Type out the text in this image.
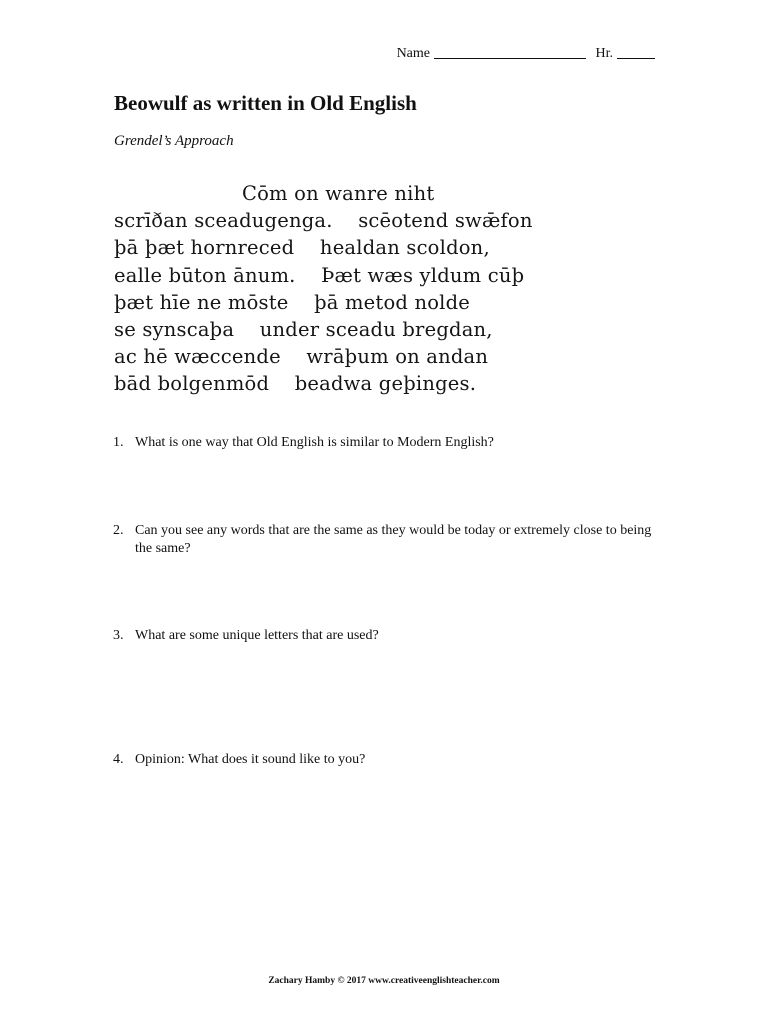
Name	Hr.
Beowulf as written in Old English

Grendel’s Approach

Cōm on wanre niht
scrīðan sceadugenga.    scēotend swǣfon
þā þæt hornreced    healdan scoldon,
ealle būton ānum.    Þæt wæs yldum cūþ
þæt hīe ne mōste    þā metod nolde
se synscaþa    under sceadu bregdan,
ac hē wæccende    wrāþum on andan
bād bolgenmōd    beadwa geþinges.
1. What is one way that Old English is similar to Modern English?
2. Can you see any words that are the same as they would be today or extremely close to being the same?
3. What are some unique letters that are used?
4. Opinion: What does it sound like to you?
Zachary Hamby © 2017 www.creativeenglishteacher.com
